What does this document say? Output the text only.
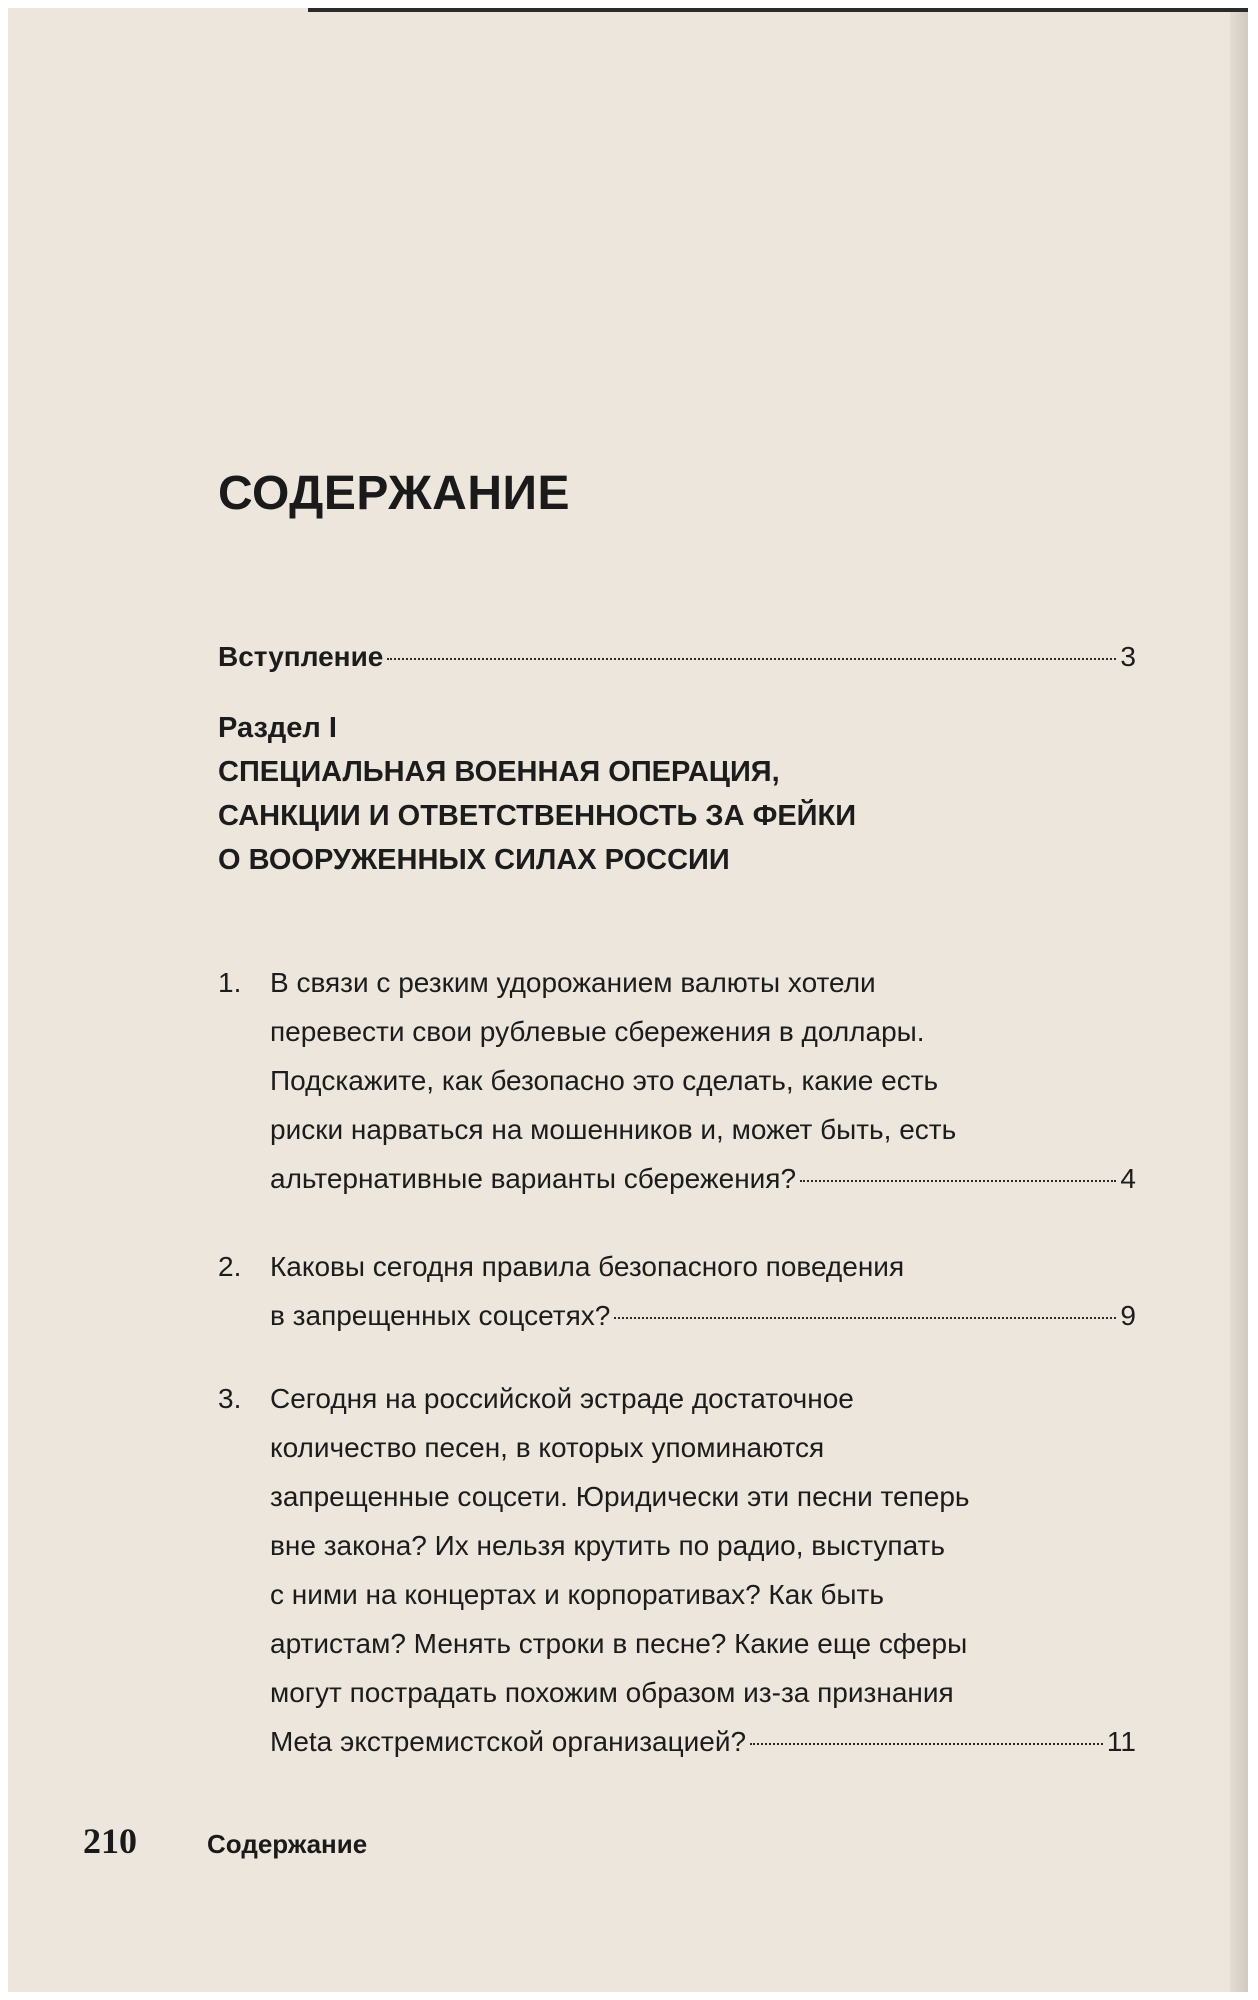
СОДЕРЖАНИЕ
Вступление	3
Раздел I

СПЕЦИАЛЬНАЯ ВОЕННАЯ ОПЕРАЦИЯ,

САНКЦИИ И ОТВЕТСТВЕННОСТЬ ЗА ФЕЙКИ

О ВООРУЖЕННЫХ СИЛАХ РОССИИ

1. В связи с резким удорожанием валюты хотели
перевести свои рублевые сбережения в доллары.
Подскажите, как безопасно это сделать, какие есть
риски нарваться на мошенников и, может быть, есть
альтернативные варианты сбережения?	4
2. Каковы сегодня правила безопасного поведения
в запрещенных соцсетях?	9
3. Сегодня на российской эстраде достаточное
количество песен, в которых упоминаются
запрещенные соцсети. Юридически эти песни теперь
вне закона? Их нельзя крутить по радио, выступать
с ними на концертах и корпоративах? Как быть
артистам? Менять строки в песне? Какие еще сферы
могут пострадать похожим образом из-за признания
Meta экстремистской организацией?	11
210	Содержание
